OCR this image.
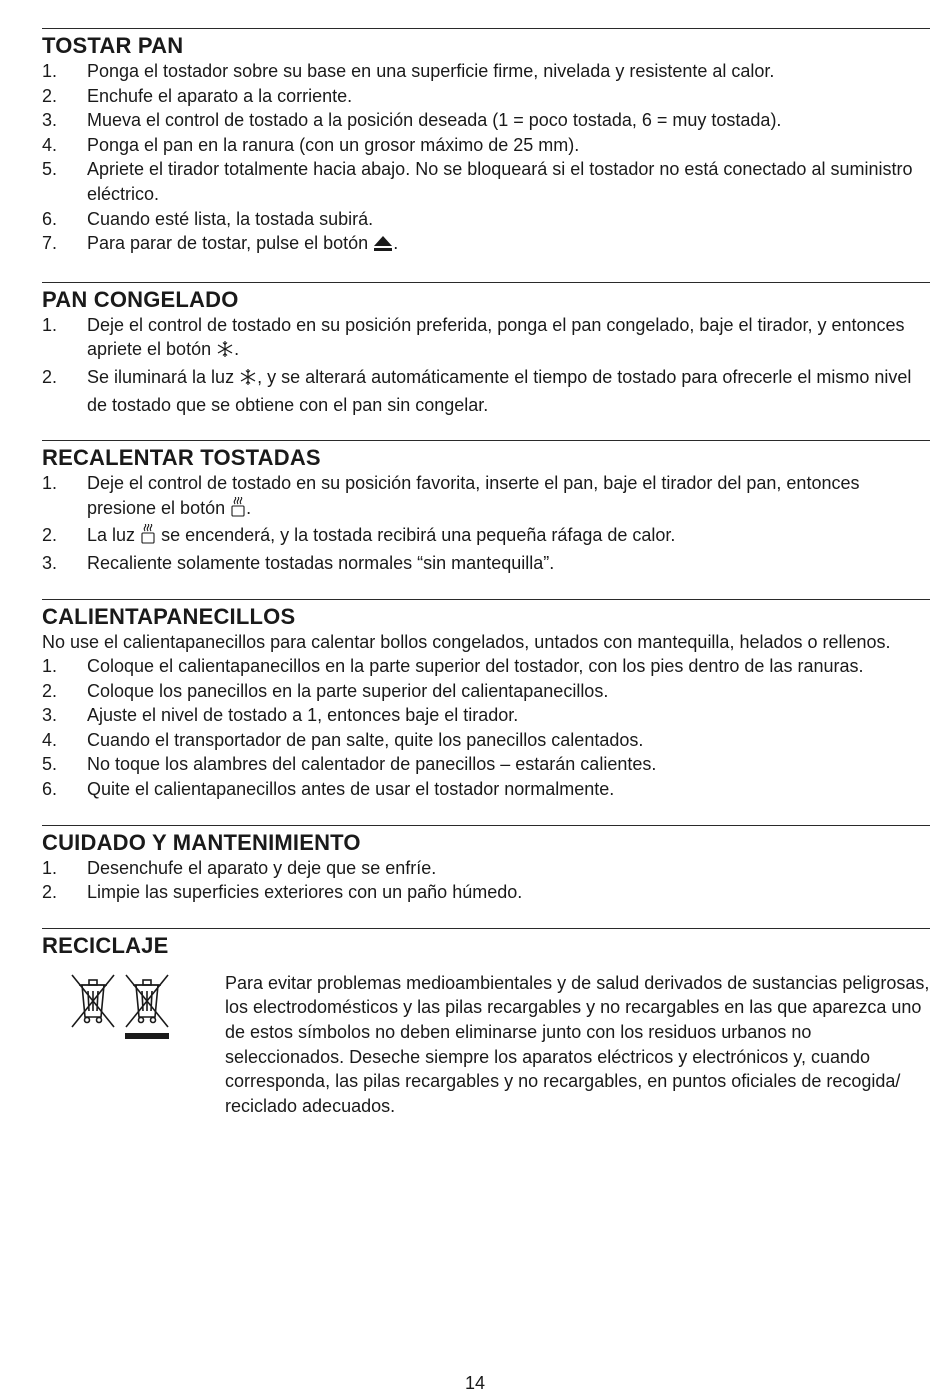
TOSTAR PAN
1. Ponga el tostador sobre su base en una superficie firme, nivelada y resistente al calor.
2. Enchufe el aparato a la corriente.
3. Mueva el control de tostado a la posición deseada (1 = poco tostada, 6 = muy tostada).
4. Ponga el pan en la ranura (con un grosor máximo de 25 mm).
5. Apriete el tirador totalmente hacia abajo. No se bloqueará si el tostador no está conectado al suministro eléctrico.
6. Cuando esté lista, la tostada subirá.
7. Para parar de tostar, pulse el botón .
PAN CONGELADO
1. Deje el control de tostado en su posición preferida, ponga el pan congelado, baje el tirador, y entonces apriete el botón .
2. Se iluminará la luz , y se alterará automáticamente el tiempo de tostado para ofrecerle el mismo nivel de tostado que se obtiene con el pan sin congelar.
RECALENTAR TOSTADAS
1. Deje el control de tostado en su posición favorita, inserte el pan, baje el tirador del pan, entonces presione el botón .
2. La luz se encenderá, y la tostada recibirá una pequeña ráfaga de calor.
3. Recaliente solamente tostadas normales “sin mantequilla”.
CALIENTAPANECILLOS

No use el calientapanecillos para calentar bollos congelados, untados con mantequilla, helados o rellenos.

1. Coloque el calientapanecillos en la parte superior del tostador, con los pies dentro de las ranuras.
2. Coloque los panecillos en la parte superior del calientapanecillos.
3. Ajuste el nivel de tostado a 1, entonces baje el tirador.
4. Cuando el transportador de pan salte, quite los panecillos calentados.
5. No toque los alambres del calentador de panecillos – estarán calientes.
6. Quite el calientapanecillos antes de usar el tostador normalmente.
CUIDADO Y MANTENIMIENTO
1. Desenchufe el aparato y deje que se enfríe.
2. Limpie las superficies exteriores con un paño húmedo.
RECICLAJE
Para evitar problemas medioambientales y de salud derivados de sustancias peligrosas, los electrodomésticos y las pilas recargables y no recargables en las que aparezca uno de estos símbolos no deben eliminarse junto con los residuos urbanos no seleccionados. Deseche siempre los aparatos eléctricos y electrónicos y, cuando corresponda, las pilas recargables y no recargables, en puntos oficiales de recogida/ reciclado adecuados.
14
